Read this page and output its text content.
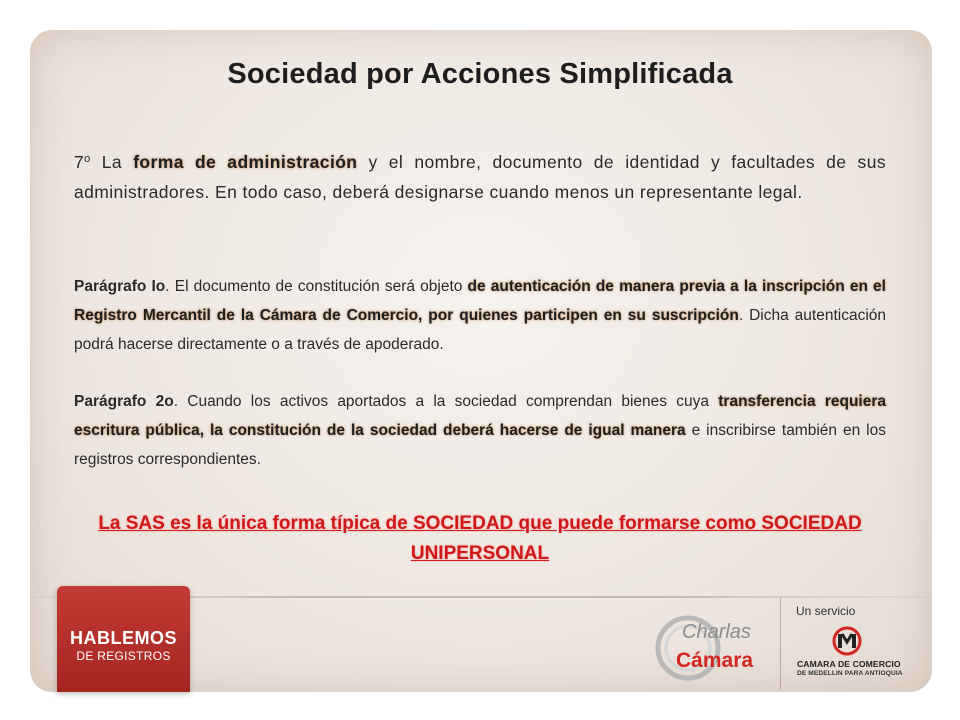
Sociedad por Acciones Simplificada
7$^o$ La forma de administración y el nombre, documento de identidad y facultades de sus administradores. En todo caso, deberá designarse cuando menos un representante legal.
Parágrafo Io. El documento de constitución será objeto de autenticación de manera previa a la inscripción en el Registro Mercantil de la Cámara de Comercio, por quienes participen en su suscripción. Dicha autenticación podrá hacerse directamente o a través de apoderado.
Parágrafo 2o. Cuando los activos aportados a la sociedad comprendan bienes cuya transferencia requiera escritura pública, la constitución de la sociedad deberá hacerse de igual manera e inscribirse también en los registros correspondientes.
La SAS es la única forma típica de SOCIEDAD que puede formarse como SOCIEDAD UNIPERSONAL
HABLEMOS
DE REGISTROS
Charlas
Cámara
Un servicio
CAMARA DE COMERCIO
DE MEDELLIN PARA ANTIOQUIA
